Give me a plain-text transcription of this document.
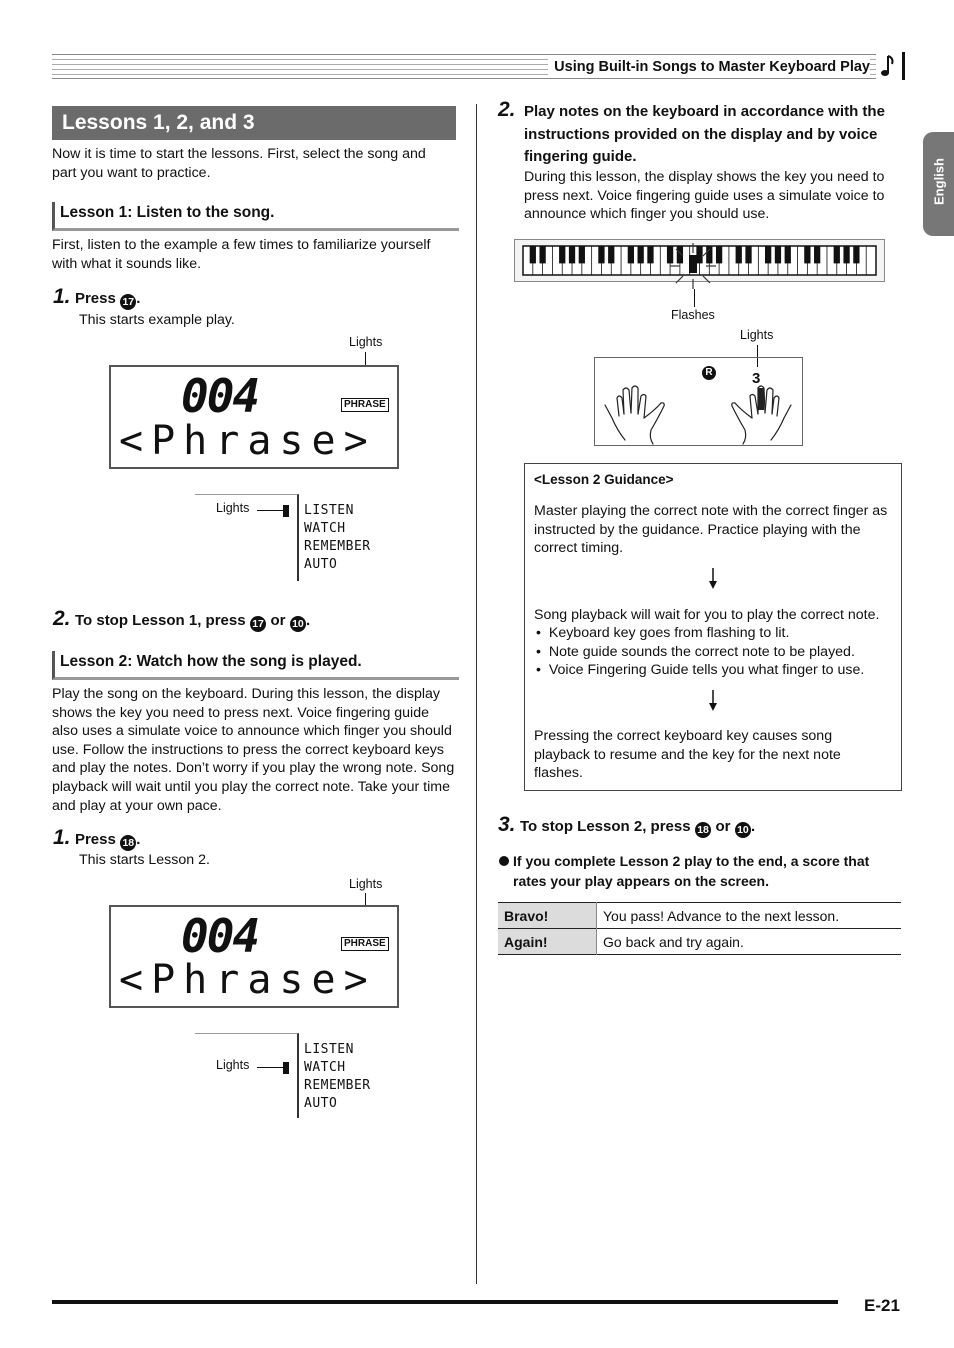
Using Built-in Songs to Master Keyboard Play
English
Lessons 1, 2, and 3
Now it is time to start the lessons. First, select the song and part you want to practice.
Lesson 1: Listen to the song.
First, listen to the example a few times to familiarize yourself with what it sounds like.
1. Press 17 .
This starts example play.
Lights
004	PHRASE
<Phrase>
Lights	LISTEN
WATCH
REMEMBER
AUTO
2. To stop Lesson 1, press 17 or 10 .
Lesson 2: Watch how the song is played.
Play the song on the keyboard. During this lesson, the display shows the key you need to press next. Voice fingering guide also uses a simulate voice to announce which finger you should use. Follow the instructions to press the correct keyboard keys and play the notes. Don’t worry if you play the wrong note. Song playback will wait until you play the correct note. Take your time and play at your own pace.
1. Press 18 .
This starts Lesson 2.
Lights
004	PHRASE
<Phrase>
Lights
LISTEN
WATCH
REMEMBER
AUTO
2. Play notes on the keyboard in accordance with the instructions provided on the display and by voice fingering guide.
During this lesson, the display shows the key you need to press next. Voice fingering guide uses a simulate voice to announce which finger you should use.
Flashes
Lights
R	3
<Lesson 2 Guidance>
Master playing the correct note with the correct finger as instructed by the guidance. Practice playing with the correct timing.
Song playback will wait for you to play the correct note.
• Keyboard key goes from flashing to lit.
• Note guide sounds the correct note to be played.
• Voice Fingering Guide tells you what finger to use.
Pressing the correct keyboard key causes song playback to resume and the key for the next note flashes.
3. To stop Lesson 2, press 18 or 10 .
If you complete Lesson 2 play to the end, a score that rates your play appears on the screen.
Bravo!	You pass! Advance to the next lesson.
Again!	Go back and try again.
E-21
